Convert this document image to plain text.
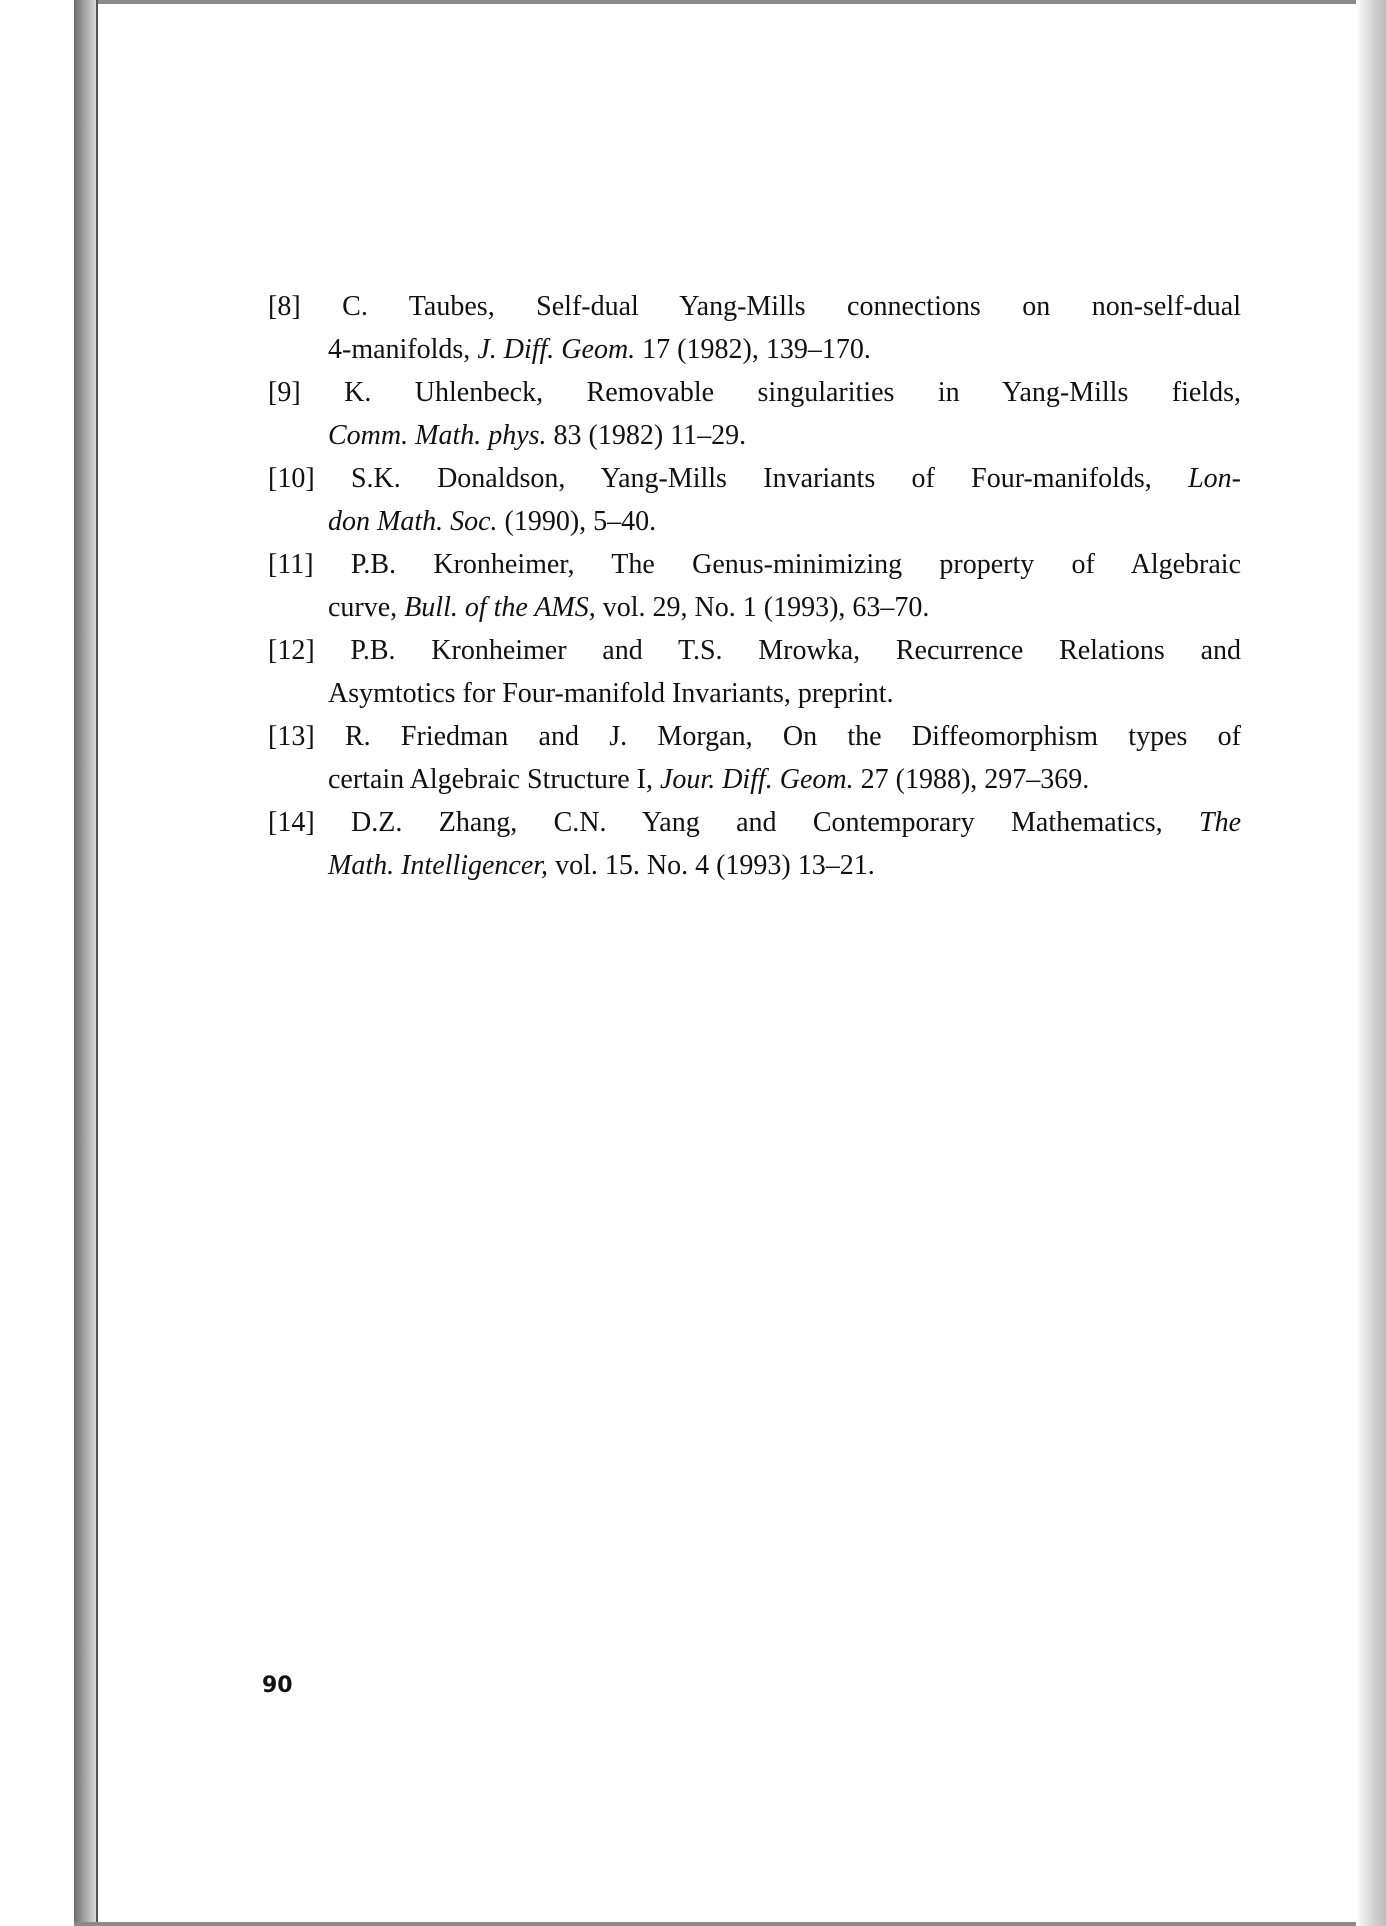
[8] C. Taubes, Self-dual Yang-Mills connections on non-self-dual
4-manifolds, J. Diff. Geom. 17 (1982), 139–170.
[9] K. Uhlenbeck, Removable singularities in Yang-Mills fields,
Comm. Math. phys. 83 (1982) 11–29.
[10] S.K. Donaldson, Yang-Mills Invariants of Four-manifolds, Lon-
don Math. Soc. (1990), 5–40.
[11] P.B. Kronheimer, The Genus-minimizing property of Algebraic
curve, Bull. of the AMS, vol. 29, No. 1 (1993), 63–70.
[12] P.B. Kronheimer and T.S. Mrowka, Recurrence Relations and
Asymtotics for Four-manifold Invariants, preprint.
[13] R. Friedman and J. Morgan, On the Diffeomorphism types of
certain Algebraic Structure I, Jour. Diff. Geom. 27 (1988), 297–369.
[14] D.Z. Zhang, C.N. Yang and Contemporary Mathematics, The
Math. Intelligencer, vol. 15. No. 4 (1993) 13–21.
90
